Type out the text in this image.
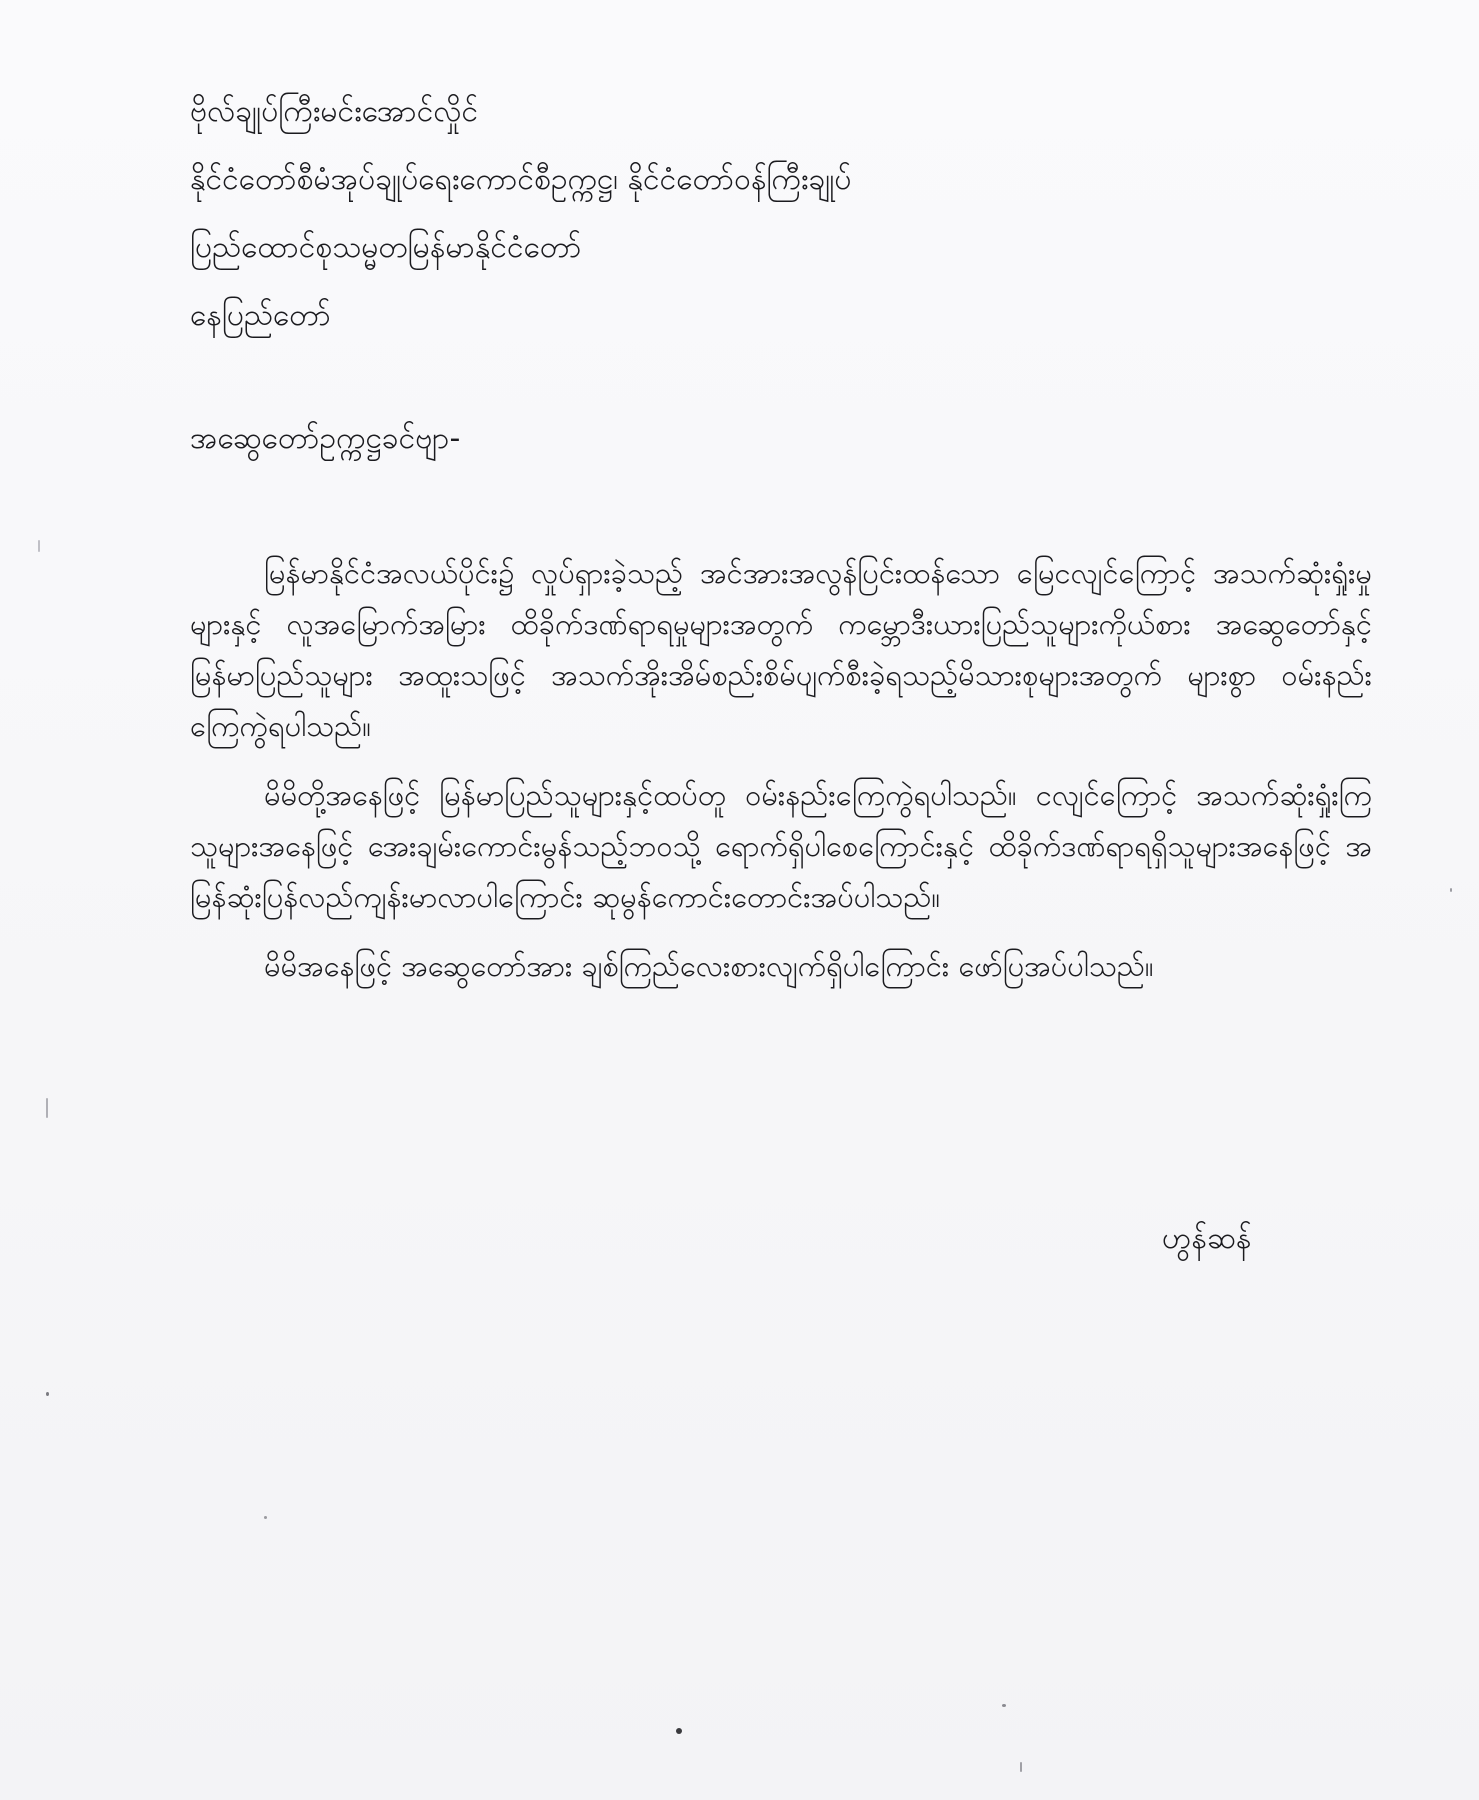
ဗိုလ်ချုပ်ကြီးမင်းအောင်လှိုင်
နိုင်ငံတော်စီမံအုပ်ချုပ်ရေးကောင်စီဥက္ကဋ္ဌ၊ နိုင်ငံတော်ဝန်ကြီးချုပ်
ပြည်ထောင်စုသမ္မတမြန်မာနိုင်ငံတော်
နေပြည်တော်
အဆွေတော်ဥက္ကဋ္ဌခင်ဗျာ-

မြန်မာနိုင်ငံအလယ်ပိုင်း၌ လှုပ်ရှားခဲ့သည့် အင်အားအလွန်ပြင်းထန်သော မြေငလျင်ကြောင့် အသက်ဆုံးရှုံးမှုများနှင့် လူအမြောက်အမြား ထိခိုက်ဒဏ်ရာရမှုများအတွက် ကမ္ဘောဒီးယားပြည်သူများကိုယ်စား အဆွေတော်နှင့် မြန်မာပြည်သူများ အထူးသဖြင့် အသက်အိုးအိမ်စည်းစိမ်ပျက်စီးခဲ့ရသည့်မိသားစုများအတွက် များစွာ ဝမ်းနည်းကြေကွဲရပါသည်။

မိမိတို့အနေဖြင့် မြန်မာပြည်သူများနှင့်ထပ်တူ ဝမ်းနည်းကြေကွဲရပါသည်။ ငလျင်ကြောင့် အသက်ဆုံးရှုံးကြသူများအနေဖြင့် အေးချမ်းကောင်းမွန်သည့်ဘဝသို့ ရောက်ရှိပါစေကြောင်းနှင့် ထိခိုက်ဒဏ်ရာရရှိသူများအနေဖြင့် အမြန်ဆုံးပြန်လည်ကျန်းမာလာပါကြောင်း ဆုမွန်ကောင်းတောင်းအပ်ပါသည်။

မိမိအနေဖြင့် အဆွေတော်အား ချစ်ကြည်လေးစားလျက်ရှိပါကြောင်း ဖော်ပြအပ်ပါသည်။

ဟွန်ဆန်
